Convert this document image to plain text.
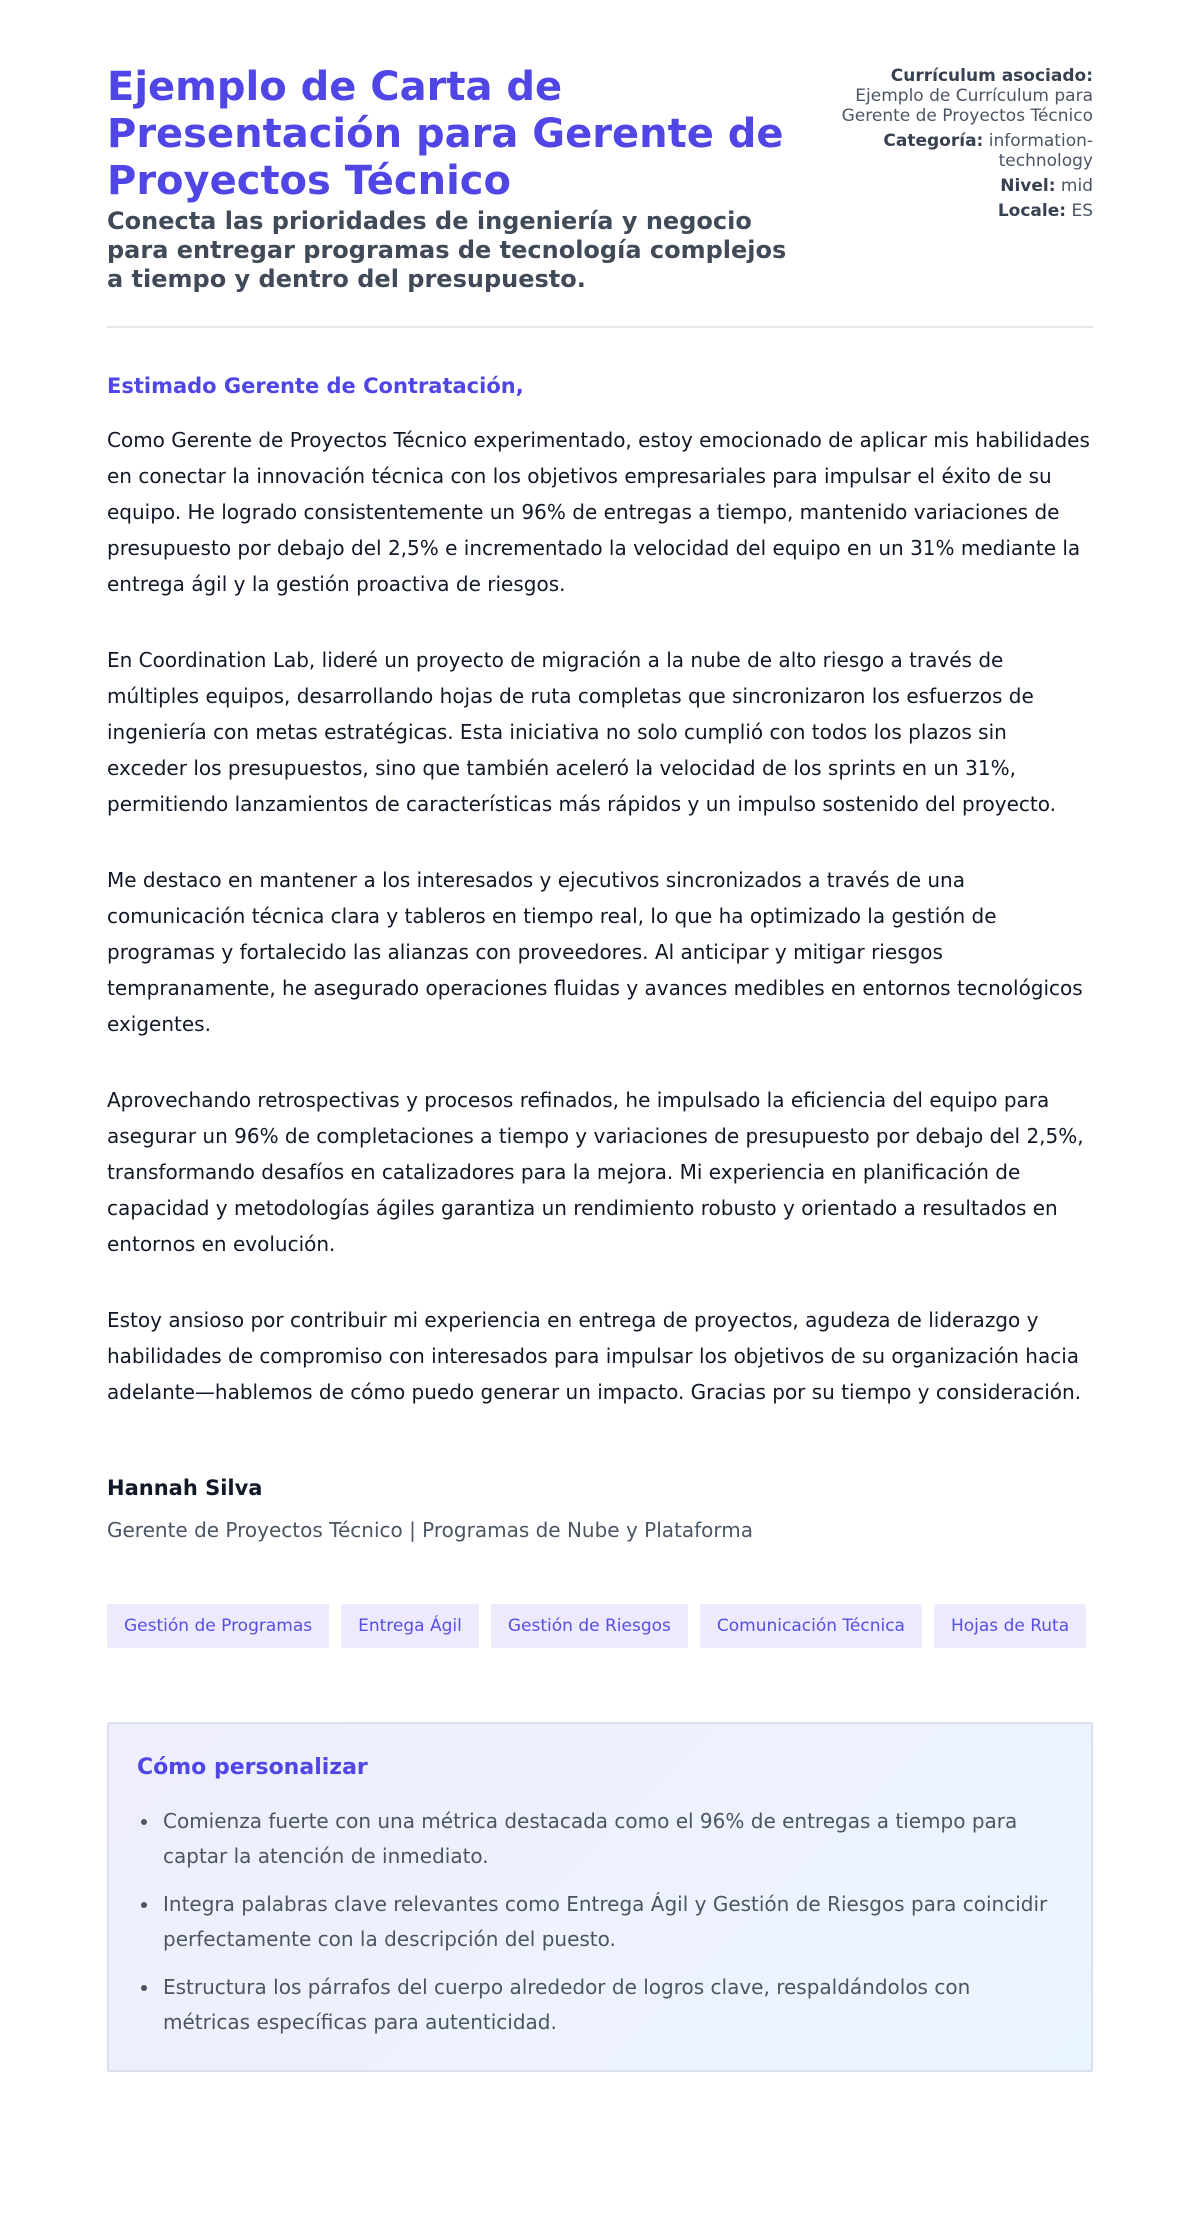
Ejemplo de Carta de Presentación para Gerente de Proyectos Técnico
Conecta las prioridades de ingeniería y negocio para entregar programas de tecnología complejos a tiempo y dentro del presupuesto.
Currículum asociado:
Ejemplo de Currículum para Gerente de Proyectos Técnico
Categoría: information-technology
Nivel: mid
Locale: ES

Estimado Gerente de Contratación,

Como Gerente de Proyectos Técnico experimentado, estoy emocionado de aplicar mis habilidades en conectar la innovación técnica con los objetivos empresariales para impulsar el éxito de su equipo. He logrado consistentemente un 96% de entregas a tiempo, mantenido variaciones de presupuesto por debajo del 2,5% e incrementado la velocidad del equipo en un 31% mediante la entrega ágil y la gestión proactiva de riesgos.

En Coordination Lab, lideré un proyecto de migración a la nube de alto riesgo a través de múltiples equipos, desarrollando hojas de ruta completas que sincronizaron los esfuerzos de ingeniería con metas estratégicas. Esta iniciativa no solo cumplió con todos los plazos sin exceder los presupuestos, sino que también aceleró la velocidad de los sprints en un 31%, permitiendo lanzamientos de características más rápidos y un impulso sostenido del proyecto.

Me destaco en mantener a los interesados y ejecutivos sincronizados a través de una comunicación técnica clara y tableros en tiempo real, lo que ha optimizado la gestión de programas y fortalecido las alianzas con proveedores. Al anticipar y mitigar riesgos tempranamente, he asegurado operaciones fluidas y avances medibles en entornos tecnológicos exigentes.

Aprovechando retrospectivas y procesos refinados, he impulsado la eficiencia del equipo para asegurar un 96% de completaciones a tiempo y variaciones de presupuesto por debajo del 2,5%, transformando desafíos en catalizadores para la mejora. Mi experiencia en planificación de capacidad y metodologías ágiles garantiza un rendimiento robusto y orientado a resultados en entornos en evolución.

Estoy ansioso por contribuir mi experiencia en entrega de proyectos, agudeza de liderazgo y habilidades de compromiso con interesados para impulsar los objetivos de su organización hacia adelante—hablemos de cómo puedo generar un impacto. Gracias por su tiempo y consideración.

Hannah Silva
Gerente de Proyectos Técnico | Programas de Nube y Plataforma
Gestión de Programas	Entrega Ágil	Gestión de Riesgos	Comunicación Técnica	Hojas de Ruta
Cómo personalizar
Comienza fuerte con una métrica destacada como el 96% de entregas a tiempo para captar la atención de inmediato.
Integra palabras clave relevantes como Entrega Ágil y Gestión de Riesgos para coincidir perfectamente con la descripción del puesto.
Estructura los párrafos del cuerpo alrededor de logros clave, respaldándolos con métricas específicas para autenticidad.
